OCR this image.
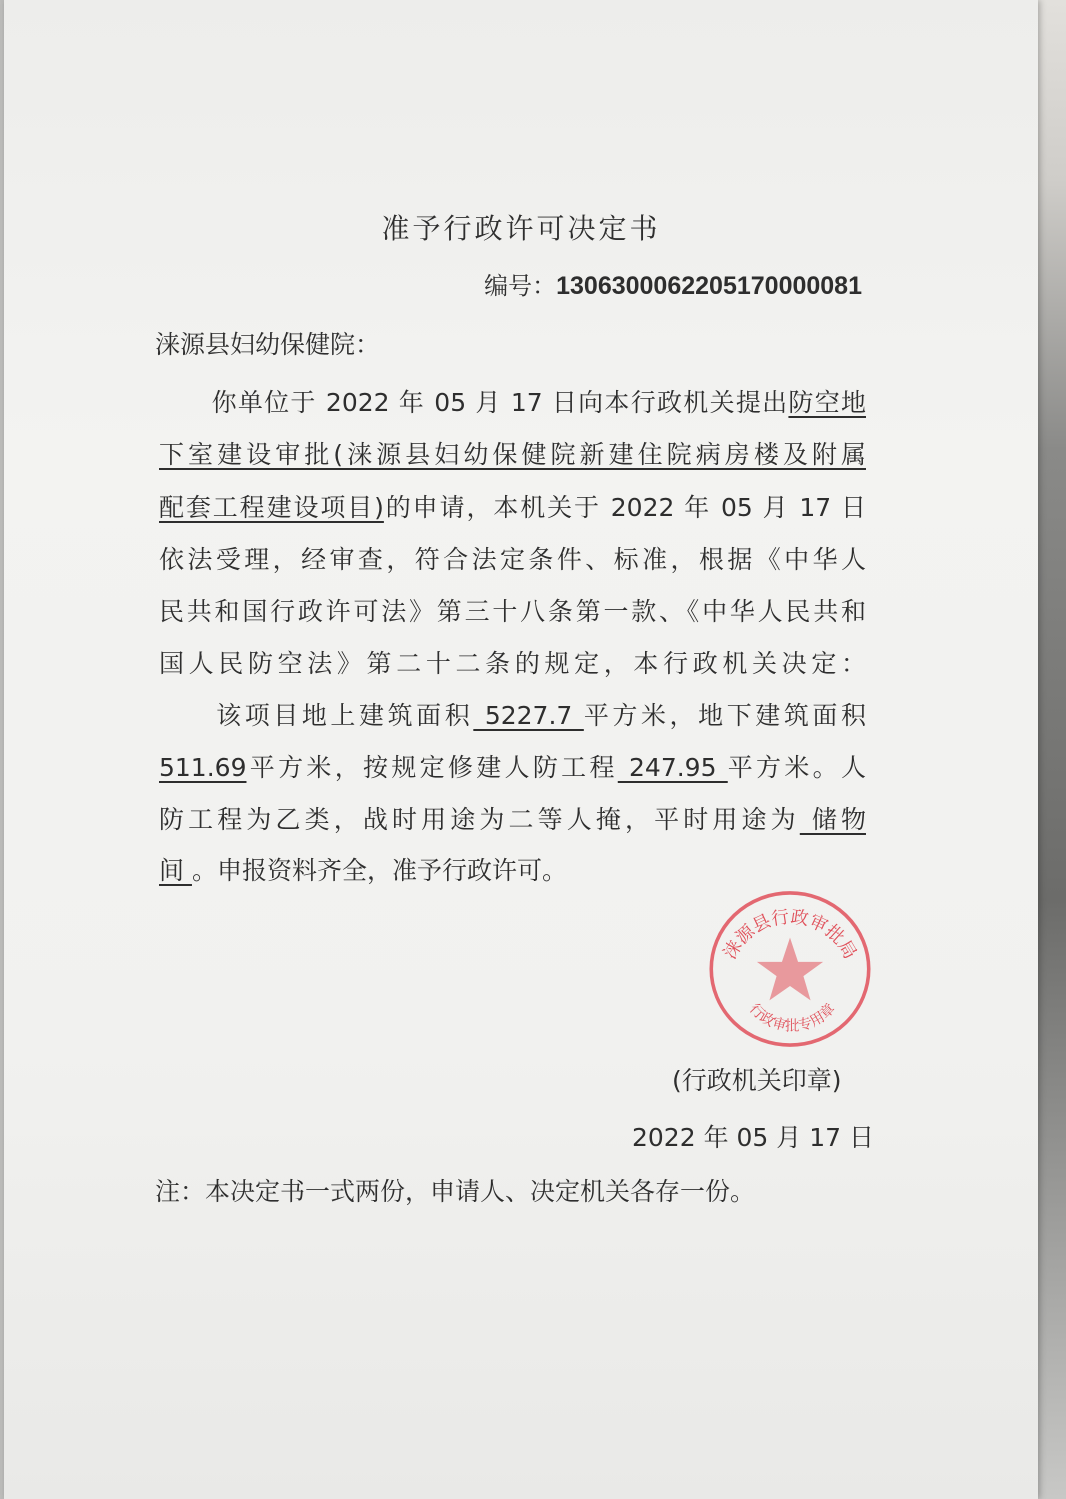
准予行政许可决定书
编号：1306300062205170000081
涞源县妇幼保健院：
　　你单位于 2022 年 05 月 17 日向本行政机关提出防空地
下室建设审批(涞源县妇幼保健院新建住院病房楼及附属
配套工程建设项目)的申请，本机关于 2022 年 05 月 17 日
依法受理，经审查，符合法定条件、标准，根据《中华人
民共和国行政许可法》第三十八条第一款、《中华人民共和
国人民防空法》第二十二条的规定，本行政机关决定：
　　该项目地上建筑面积 5227.7 平方米，地下建筑面积
511.69平方米，按规定修建人防工程 247.95 平方米。人
防工程为乙类，战时用途为二等人掩，平时用途为 储物
间 。申报资料齐全，准予行政许可。
(行政机关印章)
2022 年 05 月 17 日
注：本决定书一式两份，申请人、决定机关各存一份。
涞源县行政审批局
行政审批专用章
